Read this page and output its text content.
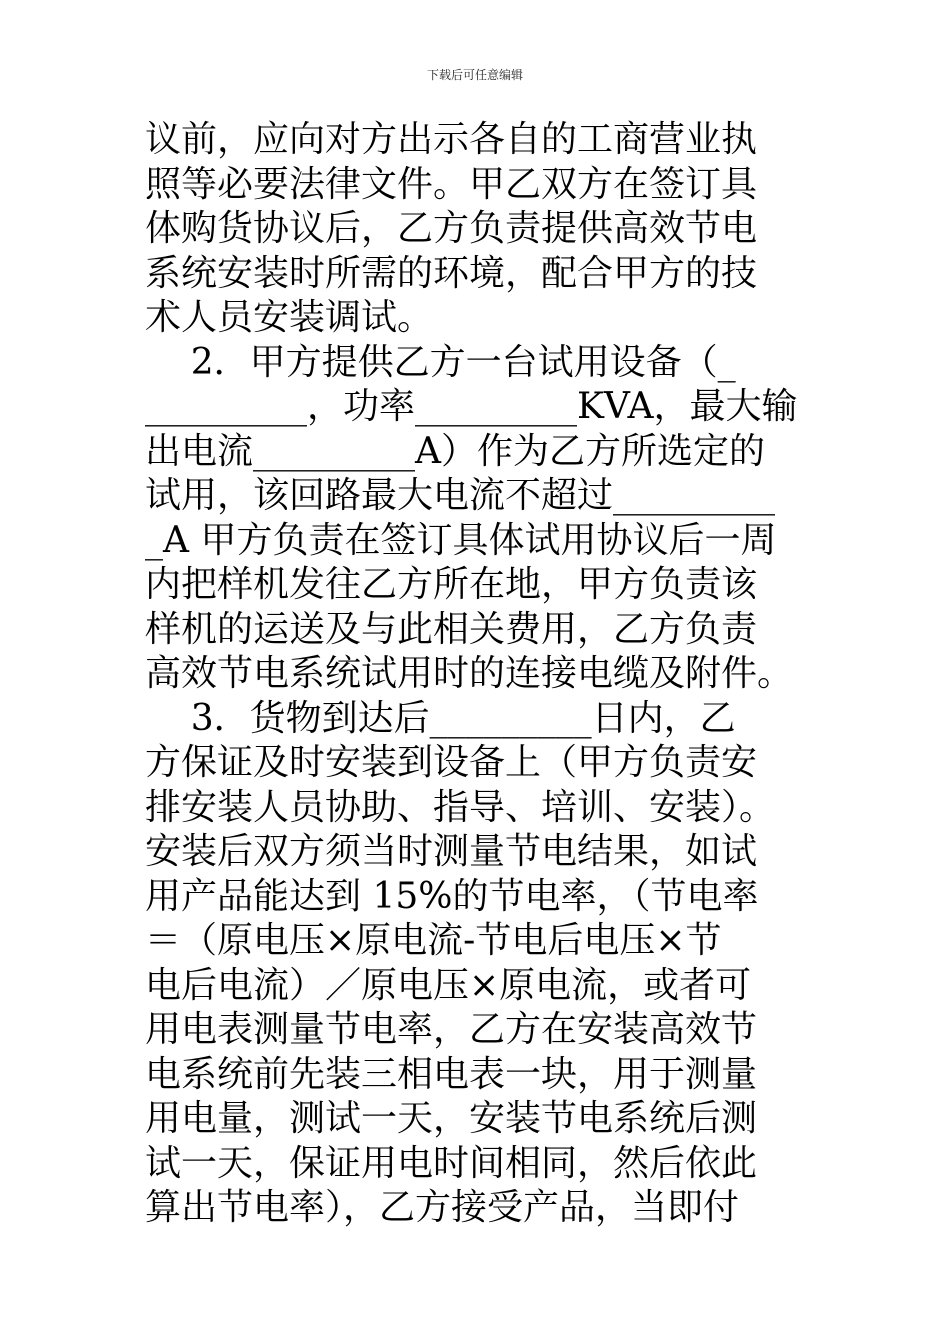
下载后可任意编辑
议前，应向对方出示各自的工商营业执
照等必要法律文件。甲乙双方在签订具
体购货协议后，乙方负责提供高效节电
系统安装时所需的环境，配合甲方的技
术人员安装调试。
2．甲方提供乙方一台试用设备（_
_________，功率_________KVA，最大输
出电流_________A）作为乙方所选定的
试用，该回路最大电流不超过_________
_A 甲方负责在签订具体试用协议后一周
内把样机发往乙方所在地，甲方负责该
样机的运送及与此相关费用，乙方负责
高效节电系统试用时的连接电缆及附件。
3．货物到达后_________日内，乙
方保证及时安装到设备上（甲方负责安
排安装人员协助、指导、培训、安装）。
安装后双方须当时测量节电结果，如试
用产品能达到 15%的节电率，（节电率
＝（原电压×原电流-节电后电压×节
电后电流）／原电压×原电流，或者可
用电表测量节电率，乙方在安装高效节
电系统前先装三相电表一块，用于测量
用电量，测试一天，安装节电系统后测
试一天，保证用电时间相同，然后依此
算出节电率），乙方接受产品，当即付
